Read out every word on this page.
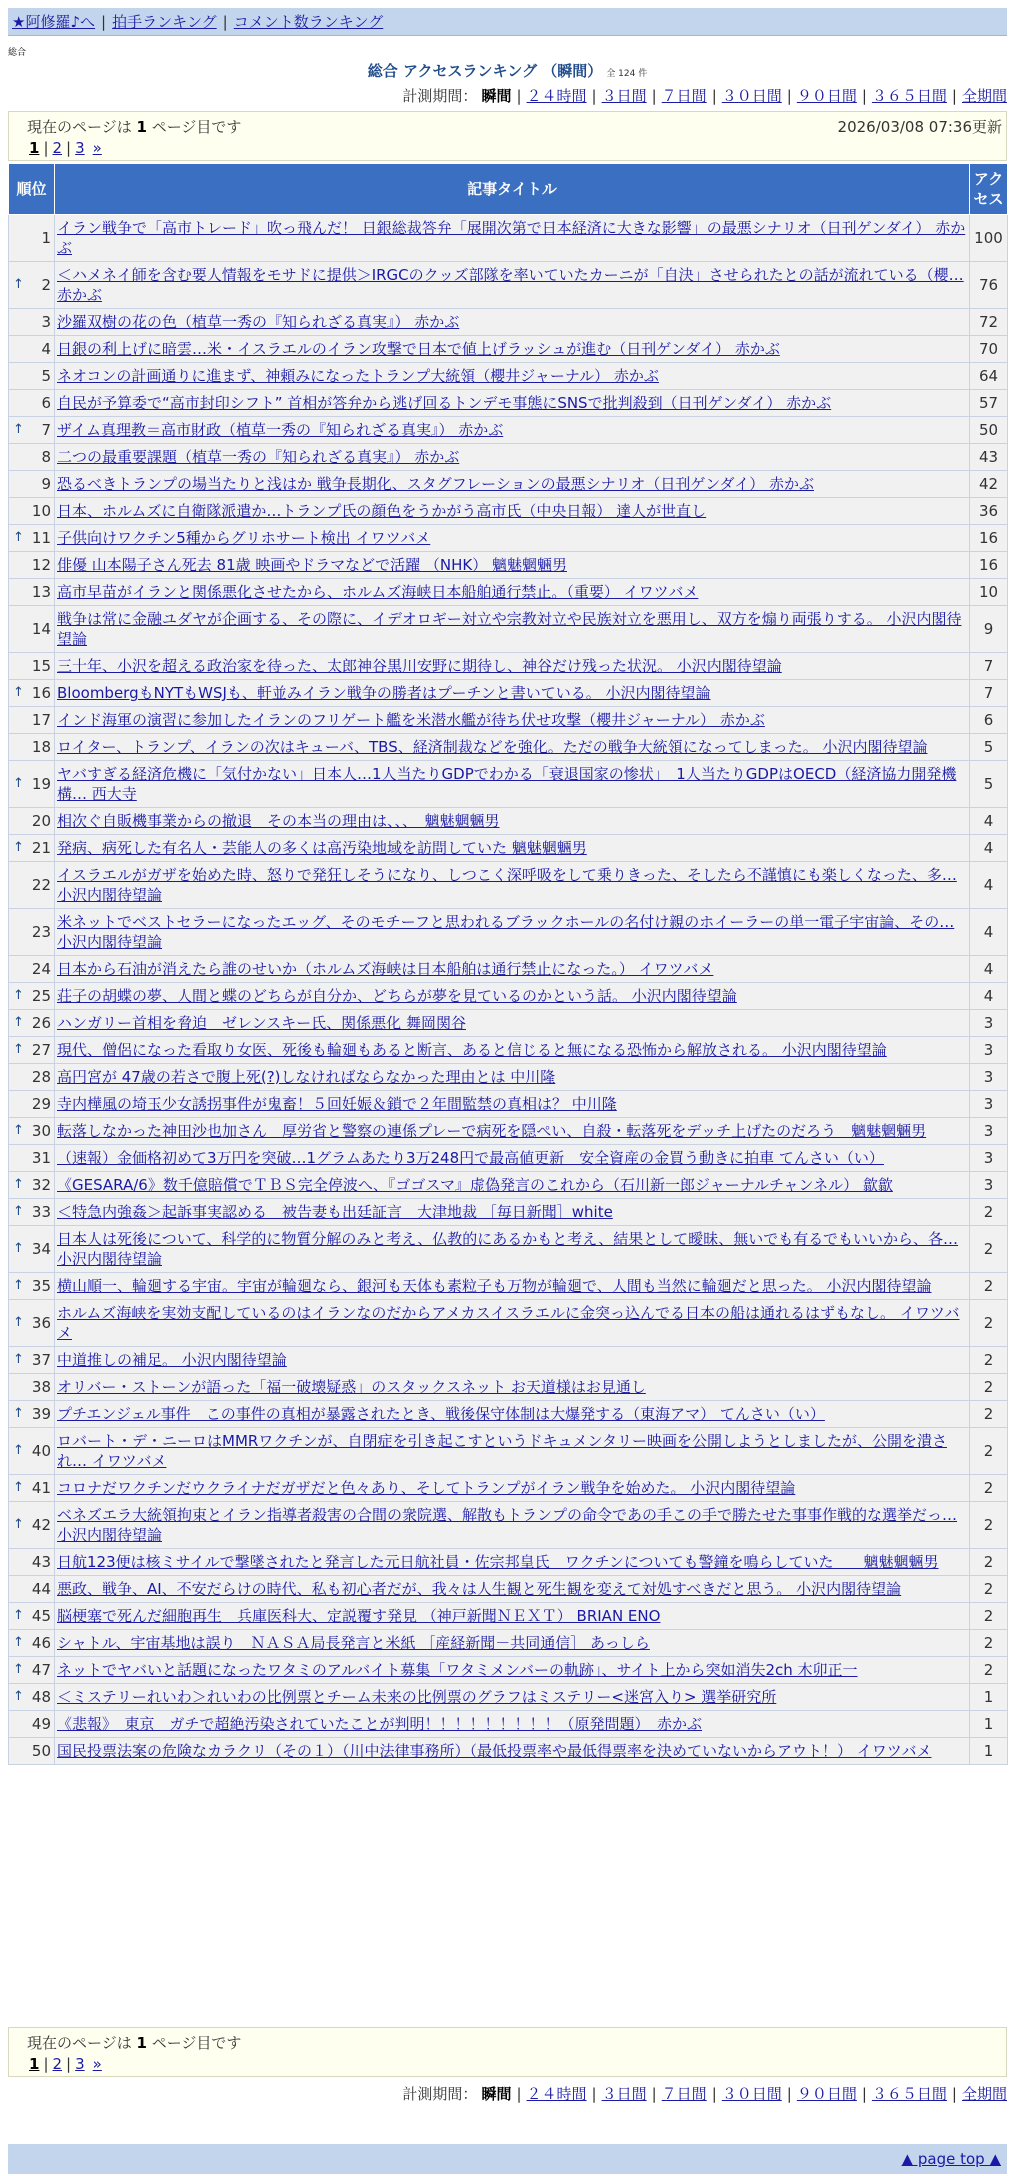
★阿修羅♪へ | 拍手ランキング | コメント数ランキング
総合
総合 アクセスランキング （瞬間） 全 124 件
計測期間： 瞬間 | ２４時間 | ３日間 | ７日間 | ３０日間 | ９０日間 | ３６５日間 | 全期間
現在のページは 1 ページ目です	2026/03/08 07:36更新
1 | 2 | 3 »
順位	記事タイトル	アクセス
1	イラン戦争で「高市トレード」吹っ飛んだ！ 日銀総裁答弁「展開次第で日本経済に大きな影響」の最悪シナリオ（日刊ゲンダイ） 赤かぶ	100

↑ 2	＜ハメネイ師を含む要人情報をモサドに提供＞IRGCのクッズ部隊を率いていたカーニが「自決」させられたとの話が流れている（櫻… 赤かぶ	76
3	沙羅双樹の花の色（植草一秀の『知られざる真実』） 赤かぶ	72
4	日銀の利上げに暗雲…米・イスラエルのイラン攻撃で日本で値上げラッシュが進む（日刊ゲンダイ） 赤かぶ	70
5	ネオコンの計画通りに進まず、神頼みになったトランプ大統領（櫻井ジャーナル） 赤かぶ	64
6	自民が予算委で“高市封印シフト” 首相が答弁から逃げ回るトンデモ事態にSNSで批判殺到（日刊ゲンダイ） 赤かぶ	57

↑ 7	ザイム真理教＝高市財政（植草一秀の『知られざる真実』） 赤かぶ	50
8	二つの最重要課題（植草一秀の『知られざる真実』） 赤かぶ	43
9	恐るべきトランプの場当たりと浅はか 戦争長期化、スタグフレーションの最悪シナリオ（日刊ゲンダイ） 赤かぶ	42
10	日本、ホルムズに自衛隊派遣か…トランプ氏の顔色をうかがう高市氏（中央日報） 達人が世直し	36

↑ 11	子供向けワクチン5種からグリホサート検出 イワツバメ	16
12	俳優 山本陽子さん死去 81歳 映画やドラマなどで活躍 （NHK） 魑魅魍魎男	16
13	高市早苗がイランと関係悪化させたから、ホルムズ海峡日本船舶通行禁止。（重要） イワツバメ	10
14	戦争は常に金融ユダヤが企画する、その際に、イデオロギー対立や宗教対立や民族対立を悪用し、双方を煽り両張りする。 小沢内閣待望論	9
15	三十年、小沢を超える政治家を待った、太郎神谷黒川安野に期待し、神谷だけ残った状況。 小沢内閣待望論	7

↑ 16	BloombergもNYTもWSJも、軒並みイラン戦争の勝者はプーチンと書いている。 小沢内閣待望論	7
17	インド海軍の演習に参加したイランのフリゲート艦を米潜水艦が待ち伏せ攻撃（櫻井ジャーナル） 赤かぶ	6
18	ロイター、トランプ、イランの次はキューバ、TBS、経済制裁などを強化。ただの戦争大統領になってしまった。 小沢内閣待望論	5

↑ 19	ヤバすぎる経済危機に「気付かない」日本人…1人当たりGDPでわかる「衰退国家の惨状」　1人当たりGDPはOECD（経済協力開発機構… 西大寺	5
20	相次ぐ自販機事業からの撤退　その本当の理由は、、、　魑魅魍魎男	4

↑ 21	発病、病死した有名人・芸能人の多くは高汚染地域を訪問していた 魑魅魍魎男	4
22	イスラエルがガザを始めた時、怒りで発狂しそうになり、しつこく深呼吸をして乗りきった、そしたら不謹慎にも楽しくなった、多… 小沢内閣待望論	4
23	米ネットでベストセラーになったエッグ、そのモチーフと思われるブラックホールの名付け親のホイーラーの単一電子宇宙論、その… 小沢内閣待望論	4
24	日本から石油が消えたら誰のせいか（ホルムズ海峡は日本船舶は通行禁止になった。） イワツバメ	4

↑ 25	荘子の胡蝶の夢、人間と蝶のどちらが自分か、どちらが夢を見ているのかという話。 小沢内閣待望論	4

↑ 26	ハンガリー首相を脅迫　ゼレンスキー氏、関係悪化 舞岡関谷	3

↑ 27	現代、僧侶になった看取り女医、死後も輪廻もあると断言、あると信じると無になる恐怖から解放される。 小沢内閣待望論	3
28	高円宮が 47歳の若さで腹上死(?)しなければならなかった理由とは 中川隆	3
29	寺内樺風の埼玉少女誘拐事件が鬼畜！５回妊娠＆鎖で２年間監禁の真相は？ 中川隆	3

↑ 30	転落しなかった神田沙也加さん　厚労省と警察の連係プレーで病死を隠ぺい、自殺・転落死をデッチ上げたのだろう　魑魅魍魎男	3
31	（速報）金価格初めて3万円を突破…1グラムあたり3万248円で最高値更新　安全資産の金買う動きに拍車 てんさい（い）	3

↑ 32	《GESARA/6》数千億賠償でＴＢＳ完全停波へ、『ゴゴスマ』虚偽発言のこれから（石川新一郎ジャーナルチャンネル） 歙歙	3

↑ 33	＜特急内強姦＞起訴事実認める　被告妻も出廷証言　大津地裁 ［毎日新聞］white	2

↑ 34	日本人は死後について、科学的に物質分解のみと考え、仏教的にあるかもと考え、結果として曖昧、無いでも有るでもいいから、各… 小沢内閣待望論	2

↑ 35	横山順一、輪廻する宇宙。宇宙が輪廻なら、銀河も天体も素粒子も万物が輪廻で、人間も当然に輪廻だと思った。 小沢内閣待望論	2

↑ 36	ホルムズ海峡を実効支配しているのはイランなのだからアメカスイスラエルに金突っ込んでる日本の船は通れるはずもなし。 イワツバメ	2

↑ 37	中道推しの補足。 小沢内閣待望論	2
38	オリバー・ストーンが語った「福一破壊疑惑」のスタックスネット お天道様はお見通し	2

↑ 39	プチエンジェル事件　この事件の真相が暴露されたとき、戦後保守体制は大爆発する（東海アマ） てんさい（い）	2

↑ 40	ロバート・デ・ニーロはMMRワクチンが、自閉症を引き起こすというドキュメンタリー映画を公開しようとしましたが、公開を潰され… イワツバメ	2

↑ 41	コロナだワクチンだウクライナだガザだと色々あり、そしてトランプがイラン戦争を始めた。 小沢内閣待望論	2

↑ 42	ベネズエラ大統領拘束とイラン指導者殺害の合間の衆院選、解散もトランプの命令であの手この手で勝たせた事事作戦的な選挙だっ… 小沢内閣待望論	2
43	日航123便は核ミサイルで撃墜されたと発言した元日航社員・佐宗邦皇氏　ワクチンについても警鐘を鳴らしていた　　魑魅魍魎男	2
44	悪政、戦争、AI、不安だらけの時代、私も初心者だが、我々は人生観と死生観を変えて対処すべきだと思う。 小沢内閣待望論	2

↑ 45	脳梗塞で死んだ細胞再生　兵庫医科大、定説覆す発見 （神戸新聞ＮＥＸＴ） BRIAN ENO	2

↑ 46	シャトル、宇宙基地は誤り　ＮＡＳＡ局長発言と米紙 ［産経新聞－共同通信］ あっしら	2

↑ 47	ネットでヤバいと話題になったワタミのアルバイト募集「ワタミメンバーの軌跡」、サイト上から突如消失2ch 木卯正一	2

↑ 48	＜ミステリーれいわ＞れいわの比例票とチーム未来の比例票のグラフはミステリー<迷宮入り> 選挙研究所	1
49	《悲報》　東京　ガチで超絶汚染されていたことが判明！！！！！！！！！（原発問題）　赤かぶ	1
50	国民投票法案の危険なカラクリ（その１）（川中法律事務所）（最低投票率や最低得票率を決めていないからアウト！） イワツバメ	1
現在のページは 1 ページ目です
1 | 2 | 3 »
計測期間： 瞬間 | ２４時間 | ３日間 | ７日間 | ３０日間 | ９０日間 | ３６５日間 | 全期間
▲ page top ▲
